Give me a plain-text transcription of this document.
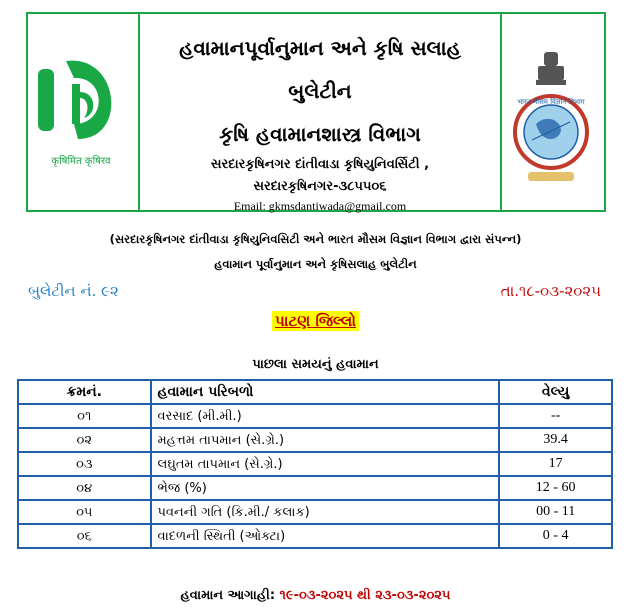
कृषिमित कृषिरव
હવામાનપૂર્વાનુમાન અને કૃષિ સલાહ
બુલેટીન
કૃષિ હવામાનશાસ્ત્ર વિભાગ
સરદારકૃષિનગર દાંતીવાડા કૃષિયુનિવર્સિટી , સરદારકૃષિનગર-૩૮૫૫૦૬
Email: gkmsdantiwada@gmail.com
भारत मौसम विज्ञान विभाग
(સરદારકૃષિનગર દાંતીવાડા કૃષિયુનિવસિટી અને ભારત મૌસમ વિજ્ઞાન વિભાગ દ્વારા સંપન્ન)
હવામાન પૂર્વાનુમાન અને કૃષિસલાહ બુલેટીન
બુલેટીન નં. ૯૨	તા.૧૮-૦૩-૨૦૨૫
પાટણ જિલ્લો
પાછલા સમયનું હવામાન
ક્રમનં.	હવામાન પરિબળો	વેલ્યુ
૦૧	વરસાદ (મી.મી.)	--
૦૨	મહત્તમ તાપમાન (સે.ગ્રે.)	39.4
૦૩	લઘુતમ તાપમાન (સે.ગ્રે.)	17
૦૪	ભેજ (%)	12 - 60
૦૫	પવનની ગતિ (કિ.મી./ કલાક)	00 - 11
૦૬	વાદળની સ્થિતી (ઓક્ટા)	0 - 4
હવામાન આગાહી: ૧૯-૦૩-૨૦૨૫ થી ૨૩-૦૩-૨૦૨૫
